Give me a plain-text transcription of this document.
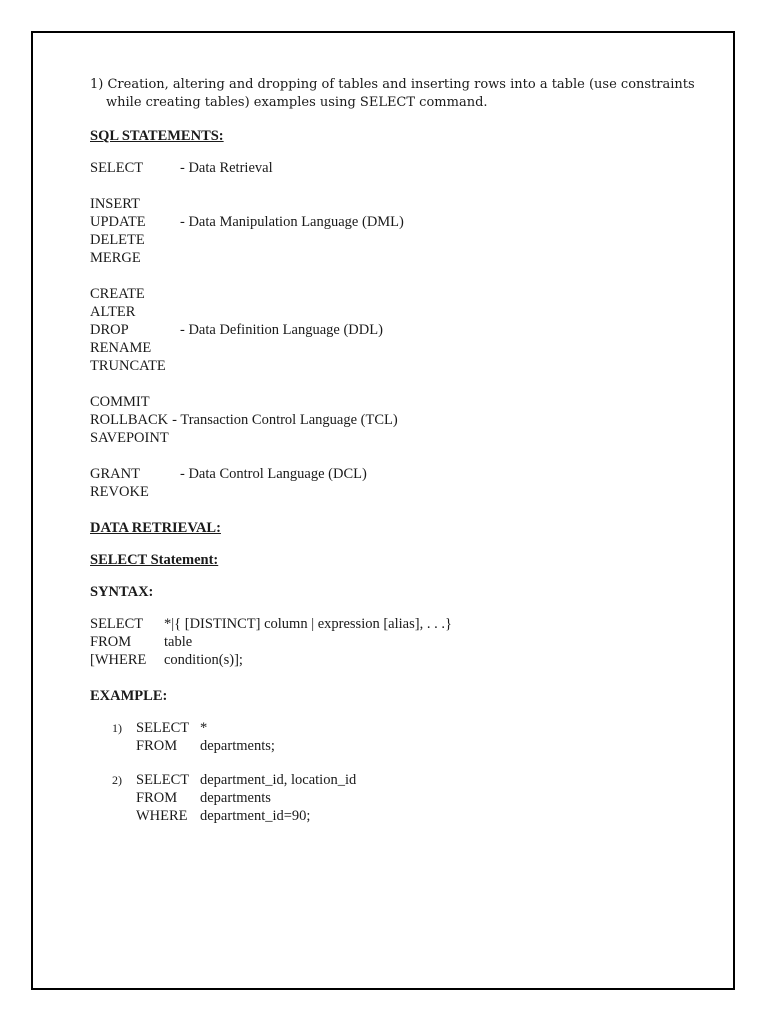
1) Creation, altering and dropping of tables and inserting rows into a table (use constraints while creating tables) examples using SELECT command.
SQL STATEMENTS:
SELECT	- Data Retrieval
INSERT
UPDATE	- Data Manipulation Language (DML)
DELETE
MERGE
CREATE
ALTER
DROP	- Data Definition Language (DDL)
RENAME
TRUNCATE
COMMIT
ROLLBACK - Transaction Control Language (TCL)
SAVEPOINT
GRANT	- Data Control Language (DCL)
REVOKE
DATA RETRIEVAL:
SELECT Statement:
SYNTAX:
SELECT	*|{ [DISTINCT] column | expression [alias], . . .}
FROM	table
[WHERE	condition(s)];
EXAMPLE:
1) SELECT *
FROM	departments;
2) SELECT department_id, location_id
FROM	departments
WHERE department_id=90;
